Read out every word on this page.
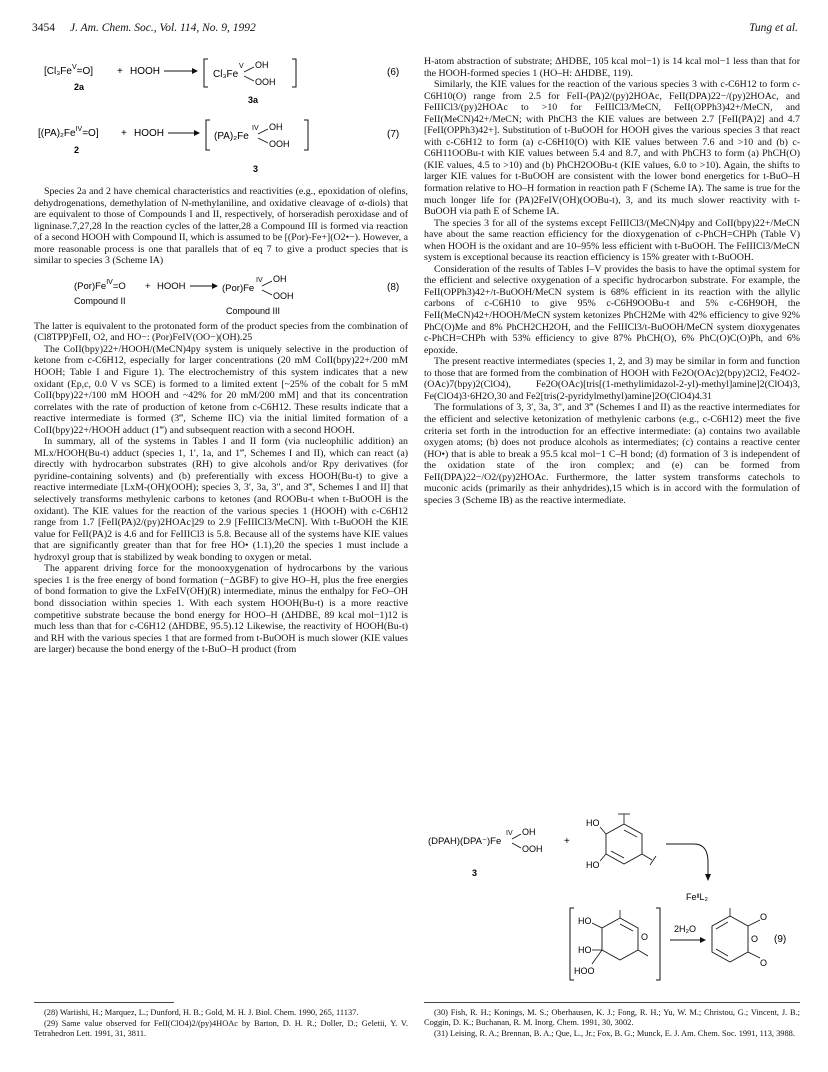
3454 J. Am. Chem. Soc., Vol. 114, No. 9, 1992	Tung et al.
$[Cl_3Fe^V=O]$ + HOOH	Cl₃Fe
V OH
OOH
(6)
2a
3a
$[(PA)_2Fe^{IV}=O]$ + HOOH	(PA)₂Fe
IV OH
OOH
(7)
2
3

Species 2a and 2 have chemical characteristics and reactivities (e.g., epoxidation of olefins, dehydrogenations, demethylation of N-methylaniline, and oxidative cleavage of α-diols) that are equivalent to those of Compounds I and II, respectively, of horseradish peroxidase and of ligninase.7,27,28 In the reaction cycles of the latter,28 a Compound III is formed via reaction of a second HOOH with Compound II, which is assumed to be [(Por)-Fe+](O2•−). However, a more reasonable process is one that parallels that of eq 7 to give a product species that is similar to species 3 (Scheme IA)

$(Por)Fe^{IV}=O$ + HOOH	(Por)Fe
IV OH
OOH
(8)
Compound II
Compound III

The latter is equivalent to the protonated form of the product species from the combination of (Cl8TPP)FeII, O2, and HO−: (Por)FeIV(OO−)(OH).25

The CoII(bpy)22+/HOOH/(MeCN)4py system is uniquely selective in the production of ketone from c-C6H12, especially for larger concentrations (20 mM CoII(bpy)22+/200 mM HOOH; Table I and Figure 1). The electrochemistry of this system indicates that a new oxidant (Ep,c, 0.0 V vs SCE) is formed to a limited extent [~25% of the cobalt for 5 mM CoII(bpy)22+/100 mM HOOH and ~42% for 20 mM/200 mM] and that its concentration correlates with the rate of production of ketone from c-C6H12. These results indicate that a reactive intermediate is formed (3‴, Scheme IIC) via the initial limited formation of a CoII(bpy)22+/HOOH adduct (1‴) and subsequent reaction with a second HOOH.

In summary, all of the systems in Tables I and II form (via nucleophilic addition) an MLx/HOOH(Bu-t) adduct (species 1, 1′, 1a, and 1‴, Schemes I and II), which can react (a) directly with hydrocarbon substrates (RH) to give alcohols and/or Rpy derivatives (for pyridine-containing solvents) and (b) preferentially with excess HOOH(Bu-t) to give a reactive intermediate [LxM-(OH)(OOH); species 3, 3′, 3a, 3″, and 3‴, Schemes I and II] that selectively transforms methylenic carbons to ketones (and ROOBu-t when t-BuOOH is the oxidant). The KIE values for the reaction of the various species 1 (HOOH) with c-C6H12 range from 1.7 [FeII(PA)2/(py)2HOAc]29 to 2.9 [FeIIICl3/MeCN]. With t-BuOOH the KIE value for FeII(PA)2 is 4.6 and for FeIIICl3 is 5.8. Because all of the systems have KIE values that are significantly greater than that for free HO• (1.1),20 the species 1 must include a hydroxyl group that is stabilized by weak bonding to oxygen or metal.

The apparent driving force for the monooxygenation of hydrocarbons by the various species 1 is the free energy of bond formation (−ΔGBF) to give HO–H, plus the free energies of bond formation to give the LxFeIV(OH)(R) intermediate, minus the enthalpy for FeO–OH bond dissociation within species 1. With each system HOOH(Bu-t) is a more reactive competitive substrate because the bond energy for HOO–H (ΔHDBE, 89 kcal mol−1)12 is much less than that for c-C6H12 (ΔHDBE, 95.5).12 Likewise, the reactivity of HOOH(Bu-t) and RH with the various species 1 that are formed from t-BuOOH is much slower (KIE values are larger) because the bond energy of the t-BuO–H product (from

(28) Wariishi, H.; Marquez, L.; Dunford, H. B.; Gold, M. H. J. Biol. Chem. 1990, 265, 11137.

(29) Same value observed for FeII(ClO4)2/(py)4HOAc by Barton, D. H. R.; Doller, D.; Geletii, Y. V. Tetrahedron Lett. 1991, 31, 3811.

H-atom abstraction of substrate; ΔHDBE, 105 kcal mol−1) is 14 kcal mol−1 less than that for the HOOH-formed species 1 (HO–H: ΔHDBE, 119).

Similarly, the KIE values for the reaction of the various species 3 with c-C6H12 to form c-C6H10(O) range from 2.5 for FeII-(PA)2/(py)2HOAc, FeII(DPA)22−/(py)2HOAc, and FeIIICl3/(py)2HOAc to >10 for FeIIICl3/MeCN, FeII(OPPh3)42+/MeCN, and FeII(MeCN)42+/MeCN; with PhCH3 the KIE values are between 2.7 [FeII(PA)2] and 4.7 [FeII(OPPh3)42+]. Substitution of t-BuOOH for HOOH gives the various species 3 that react with c-C6H12 to form (a) c-C6H10(O) with KIE values between 7.6 and >10 and (b) c-C6H11OOBu-t with KIE values between 5.4 and 8.7, and with PhCH3 to form (a) PhCH(O) (KIE values, 4.5 to >10) and (b) PhCH2OOBu-t (KIE values, 6.0 to >10). Again, the shifts to larger KIE values for t-BuOOH are consistent with the lower bond energetics for t-BuO–H formation relative to HO–H formation in reaction path F (Scheme IA). The same is true for the much longer life for (PA)2FeIV(OH)(OOBu-t), 3, and its much slower reactivity with t-BuOOH via path E of Scheme IA.

The species 3 for all of the systems except FeIIICl3/(MeCN)4py and CoII(bpy)22+/MeCN have about the same reaction efficiency for the dioxygenation of c-PhCH=CHPh (Table V) when HOOH is the oxidant and are 10–95% less efficient with t-BuOOH. The FeIIICl3/MeCN system is exceptional because its reaction efficiency is 15% greater with t-BuOOH.

Consideration of the results of Tables I–V provides the basis to have the optimal system for the efficient and selective oxygenation of a specific hydrocarbon substrate. For example, the FeII(OPPh3)42+/t-BuOOH/MeCN system is 68% efficient in its reaction with the allylic carbons of c-C6H10 to give 95% c-C6H9OOBu-t and 5% c-C6H9OH, the FeII(MeCN)42+/HOOH/MeCN system ketonizes PhCH2Me with 42% efficiency to give 92% PhC(O)Me and 8% PhCH2CH2OH, and the FeIIICl3/t-BuOOH/MeCN system dioxygenates c-PhCH=CHPh with 53% efficiency to give 87% PhCH(O), 6% PhC(O)C(O)Ph, and 6% epoxide.

The present reactive intermediates (species 1, 2, and 3) may be similar in form and function to those that are formed from the combination of HOOH with Fe2O(OAc)2(bpy)2Cl2, Fe4O2-(OAc)7(bpy)2(ClO4), Fe2O(OAc)[tris[(1-methylimidazol-2-yl)-methyl]amine]2(ClO4)3, Fe(ClO4)3·6H2O,30 and Fe2[tris(2-pyridylmethyl)amine]2O(ClO4)4.31

The formulations of 3, 3′, 3a, 3″, and 3‴ (Schemes I and II) as the reactive intermediates for the efficient and selective ketonization of methylenic carbons (e.g., c-C6H12) meet the five criteria set forth in the introduction for an effective intermediate: (a) contains two available oxygen atoms; (b) does not produce alcohols as intermediates; (c) contains a reactive center (HO•) that is able to break a 95.5 kcal mol−1 C–H bond; (d) formation of 3 is independent of the oxidation state of the iron complex; and (e) can be formed from FeII(DPA)22−/O2/(py)2HOAc. Furthermore, the latter system transforms catechols to muconic acids (primarily as their anhydrides),15 which is in accord with the formulation of species 3 (Scheme IB) as the reactive intermediate.

(DPAH)(DPA⁻)Fe
IV OH
OOH
3
+
HO
HO
FeᴵᴵL₂
HO
HO
HOO
O
2H₂O
O
O
O
(9)

(30) Fish, R. H.; Konings, M. S.; Oberhausen, K. J.; Fong, R. H.; Yu, W. M.; Christou, G.; Vincent, J. B.; Coggin, D. K.; Buchanan, R. M. Inorg. Chem. 1991, 30, 3002.

(31) Leising, R. A.; Brennan, B. A.; Que, L., Jr.; Fox, B. G.; Munck, E. J. Am. Chem. Soc. 1991, 113, 3988.
